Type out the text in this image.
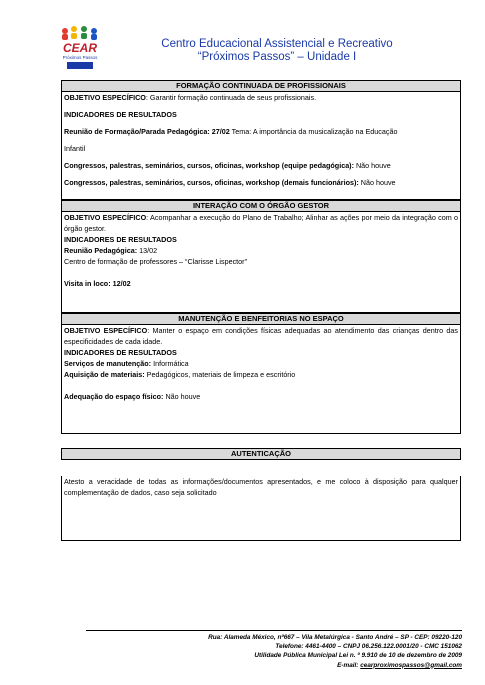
CEAR
Próximos Passos
Centro Educacional Assistencial e Recreativo
“Próximos Passos” – Unidade I
FORMAÇÃO CONTINUADA DE PROFISSIONAIS

OBJETIVO ESPECÍFICO: Garantir formação continuada de seus profissionais.

INDICADORES DE RESULTADOS

Reunião de Formação/Parada Pedagógica: 27/02 Tema: A importância da musicalização na Educação

Infantil

Congressos, palestras, seminários, cursos, oficinas, workshop (equipe pedagógica): Não houve

Congressos, palestras, seminários, cursos, oficinas, workshop (demais funcionários): Não houve

INTERAÇÃO COM O ÓRGÃO GESTOR

OBJETIVO ESPECÍFICO: Acompanhar a execução do Plano de Trabalho; Alinhar as ações por meio da integração com o órgão gestor.

INDICADORES DE RESULTADOS

Reunião Pedagógica: 13/02

Centro de formação de professores – “Clarisse Lispector”

Visita in loco: 12/02

MANUTENÇÃO E BENFEITORIAS NO ESPAÇO

OBJETIVO ESPECÍFICO: Manter o espaço em condições físicas adequadas ao atendimento das crianças dentro das especificidades de cada idade.

INDICADORES DE RESULTADOS

Serviços de manutenção: Informática

Aquisição de materiais: Pedagógicos, materiais de limpeza e escritório

Adequação do espaço físico: Não houve

AUTENTICAÇÃO

Atesto a veracidade de todas as informações/documentos apresentados, e me coloco à disposição para qualquer complementação de dados, caso seja solicitado

Rua: Alameda México, nº667 – Vila Metalúrgica - Santo André – SP - CEP: 09220-120

Telefone: 4461-4400 – CNPJ 06.256.122.0001/20 - CMC 151062

Utilidade Pública Municipal Lei n. º 9.910 de 10 de dezembro de 2009

E-mail: cearproximospassos@gmail.com
